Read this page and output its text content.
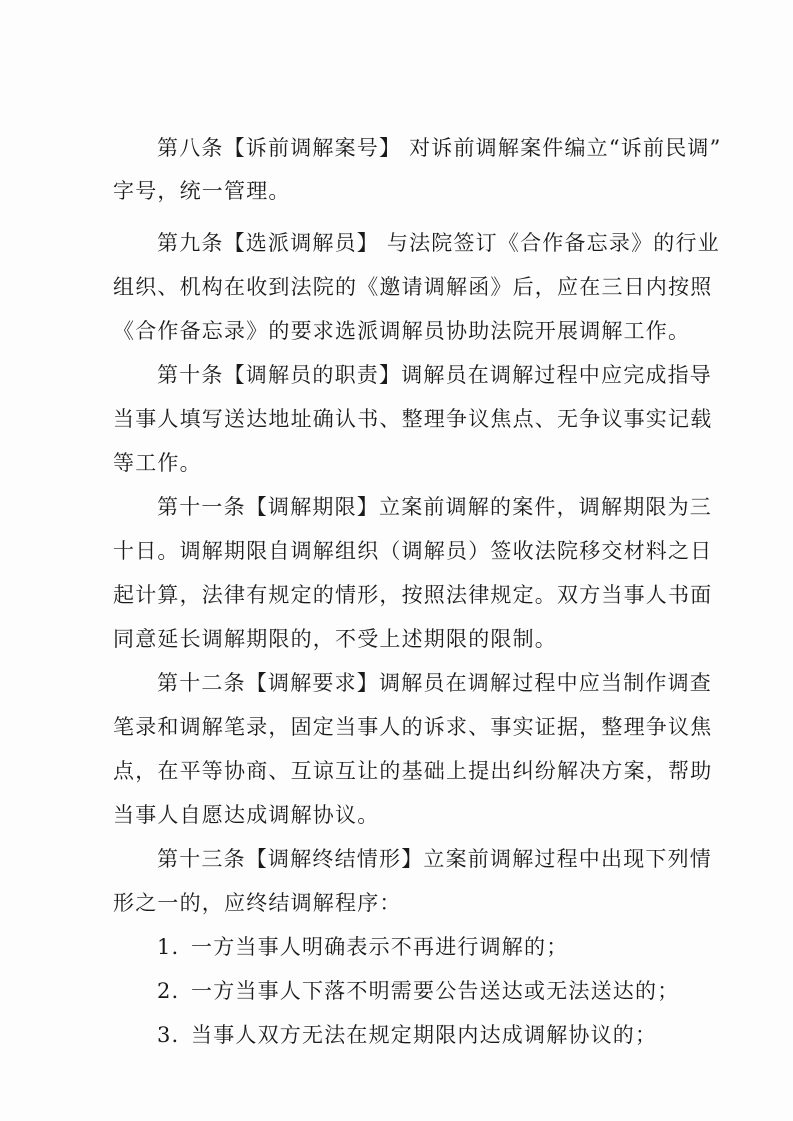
第八条【诉前调解案号】 对诉前调解案件编立“诉前民调”
字号，统一管理。
第九条【选派调解员】 与法院签订《合作备忘录》的行业
组织、机构在收到法院的《邀请调解函》后，应在三日内按照
《合作备忘录》的要求选派调解员协助法院开展调解工作。
第十条【调解员的职责】调解员在调解过程中应完成指导
当事人填写送达地址确认书、整理争议焦点、无争议事实记载
等工作。
第十一条【调解期限】立案前调解的案件，调解期限为三
十日。调解期限自调解组织（调解员）签收法院移交材料之日
起计算，法律有规定的情形，按照法律规定。双方当事人书面
同意延长调解期限的，不受上述期限的限制。
第十二条【调解要求】调解员在调解过程中应当制作调查
笔录和调解笔录，固定当事人的诉求、事实证据，整理争议焦
点，在平等协商、互谅互让的基础上提出纠纷解决方案，帮助
当事人自愿达成调解协议。
第十三条【调解终结情形】立案前调解过程中出现下列情
形之一的，应终结调解程序：
1. 一方当事人明确表示不再进行调解的；
2. 一方当事人下落不明需要公告送达或无法送达的；
3. 当事人双方无法在规定期限内达成调解协议的；
